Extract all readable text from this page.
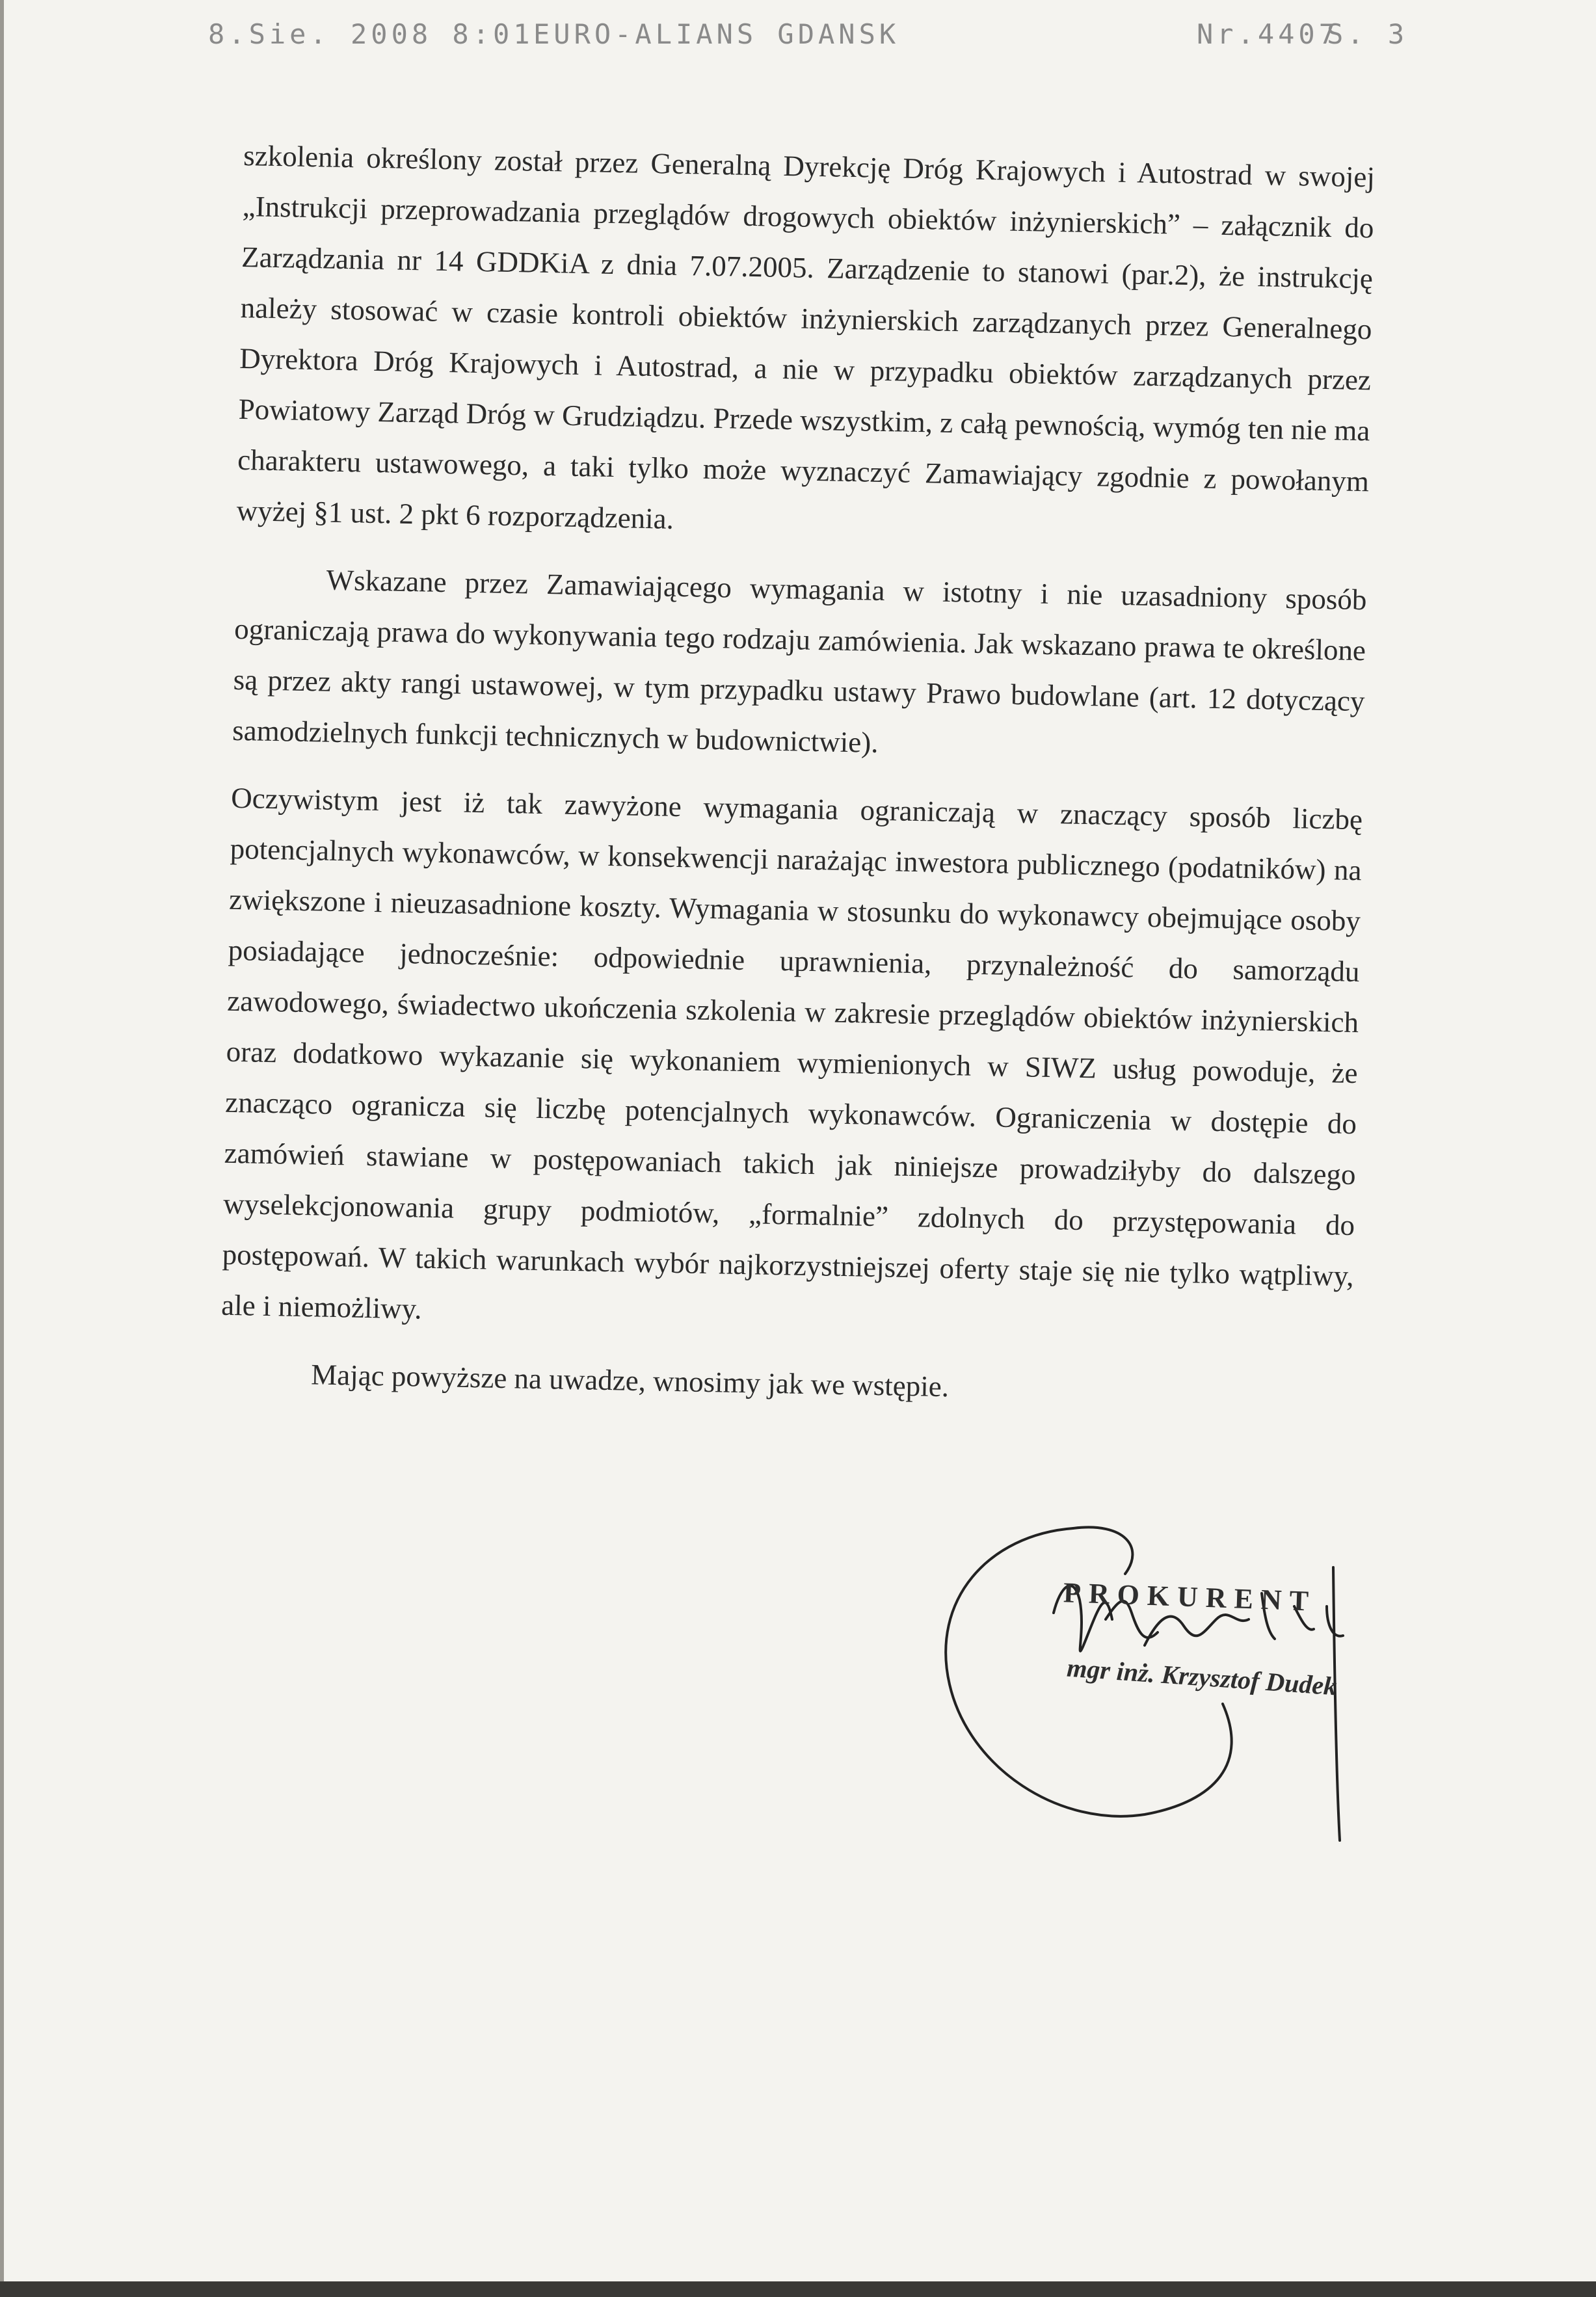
8.Sie. 2008 8:01 EURO-ALIANS GDANSK	Nr.4407
S. 3

szkolenia określony został przez Generalną Dyrekcję Dróg Krajowych i Autostrad w swojej „Instrukcji przeprowadzania przeglądów drogowych obiektów inżynierskich” – załącznik do Zarządzania nr 14 GDDKiA z dnia 7.07.2005. Zarządzenie to stanowi (par.2), że instrukcję należy stosować w czasie kontroli obiektów inżynierskich zarządzanych przez Generalnego Dyrektora Dróg Krajowych i Autostrad, a nie w przypadku obiektów zarządzanych przez Powiatowy Zarząd Dróg w Grudziądzu. Przede wszystkim, z całą pewnością, wymóg ten nie ma charakteru ustawowego, a taki tylko może wyznaczyć Zamawiający zgodnie z powołanym wyżej §1 ust. 2 pkt 6 rozporządzenia.

Wskazane przez Zamawiającego wymagania w istotny i nie uzasadniony sposób ograniczają prawa do wykonywania tego rodzaju zamówienia. Jak wskazano prawa te określone są przez akty rangi ustawowej, w tym przypadku ustawy Prawo budowlane (art. 12 dotyczący samodzielnych funkcji technicznych w budownictwie).

Oczywistym jest iż tak zawyżone wymagania ograniczają w znaczący sposób liczbę potencjalnych wykonawców, w konsekwencji narażając inwestora publicznego (podatników) na zwiększone i nieuzasadnione koszty. Wymagania w stosunku do wykonawcy obejmujące osoby posiadające jednocześnie: odpowiednie uprawnienia, przynależność do samorządu zawodowego, świadectwo ukończenia szkolenia w zakresie przeglądów obiektów inżynierskich oraz dodatkowo wykazanie się wykonaniem wymienionych w SIWZ usług powoduje, że znacząco ogranicza się liczbę potencjalnych wykonawców. Ograniczenia w dostępie do zamówień stawiane w postępowaniach takich jak niniejsze prowadziłyby do dalszego wyselekcjonowania grupy podmiotów, „formalnie” zdolnych do przystępowania do postępowań. W takich warunkach wybór najkorzystniejszej oferty staje się nie tylko wątpliwy, ale i niemożliwy.

Mając powyższe na uwadze, wnosimy jak we wstępie.

PROKURENT
mgr inż. Krzysztof Dudek
